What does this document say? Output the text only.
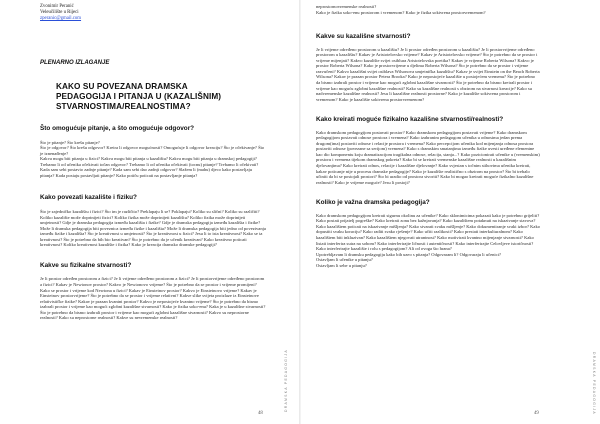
Zvonimir Peranić

Veleučilište u Rijeci

zperanic@gmail.com

PLENARNO IZLAGANJE
KAKO SU POVEZANA DRAMSKA
PEDAGOGIJA I PITANJA U (KAZALIŠNIM)
STVARNOSTIMA/REALNOSTIMA?
Što omogućuje pitanje, a što omogućuje odgovor?

Što je pitanje? Što krešu pitanje?

Što je odgovor? Što krešu odgovor? Kreira li odgovor mogućnosti? Omogućuje li odgovor kreaciju? Što je očekivanje? Što je iznenađenje?

Kakva mogu biti pitanja u fizici? Kakva mogu biti pitanja u kazalištu? Kakva mogu biti pitanja u dramskoj pedagogiji? Trebamo li od učenika očekivati točan odgovor? Trebamo li od učenika očekivati (tocnu) pitanje? Trebamo li očekivati?

Kada sam sebi postavio zadnje pitanje? Kada sam sebi dao zadnji odgovor? Slažem li (mahu) djeco kako postavljaju pitanja? Kada postaju postavljati pitanje? Kako potiču poticati na postavljanje pitanja?

Kako povezati kazalište i fiziku?

Što je zajedničko kazalištu i fizici? Što im je različito? Preklapaju li se? Poklapaju? Koliko su slični? Koliko su različiti?

Koliko kazalište može doprinijeti fizici? Koliko fizika može doprinijeti kazalištu? Koliko fizika može doprinijeti umjetnosti? Gdje je dramska pedagogija između kazališta i fizike? Gdje je dramska pedagogija između kazališta i fizike? Može li dramska pedagogija biti poveznica između fizike i kazališta? Može li dramska pedagogija biti jedno od povezivanja između fizike i kazališta? Što je kreativnost u umjetnosti? Što je kreativnost u fizici? Jesu li to ista kreativnost? Kako se ta kreativnost? Što je potrebno da bih bio kreativan? Što je potrebno da je učenik kreativan? Kako kreativno poticati kreativnost? Koliko kreativnost kazalište i fizika? Kako je kreacija dramsko dramske pedagogiji?

Kakve su fizikalne stvarnosti?

Je li prostor određen prostorom a fizici? Je li vrijeme određeno prostorom a fizici? Je li prostorvrijeme određeno prostorom a fizici? Kakav je Newtonov prostor? Kakvo je Newtonovo vrijeme? Što je potrebno da se prostor i vrijeme promijeni? Kako se prostor i vrijeme kod Newtona u fizici? Kakav je Einsteinov prostor? Kakvo je Einsteinovo vrijeme? Kakav je Einsteinov prostorvrijeme? Što je potrebno da se prostor i vrijeme relativni? Kakve slike svijeta proizlaze iz Einsteinove relativističke fizike? Kakav je prazan kvantni prostor? Kakvo je nepostojeće kvantno vrijeme? Što je potrebno da bismo izabrali prostor i vrijeme kao mogući zglobni kazališne stvarnosti? Kako je fizika soko-enu? Kaka je u kazališne stvarnosti?

Što je potrebno da bismo izabrali prostor i vrijeme kao mogući zglobni kazališne stvarnosti? Kakvo su neprostorne realnosti? Kako su neprostorne realnosti? Kakve su nevremenske realnosti?

48
DRAMSKA PEDAGOGIJA

neprostornovremenske realnosti?

Kako je fizika soko-enu prostorom i vremenom? Kako je fizika sokivrena prostorvremenom?

Kakve su kazališne stvarnosti?

Je li vrijeme određeno prostorom u kazalištu? Je li prostor određen prostorom u kazalištu? Je li prostorvrijeme određeno prostorom u kazalištu? Kakav je Aristotelovsko vrijeme? Kakav je Aristotelovsko vrijeme? Što je potrebno da se prostor i vrijeme mijenjati? Kakvo kazalište svijet osiblura Aristotelovska poetika? Kakav je vrijeme Roberta Wilsona? Kakvo je prostor Roberta Wilsona? Kako je prostorvrijeme u djelima Roberta Wilsona? Što je potrebno da se prostor i vrijeme razvučeni? Kakvo kazališni svijet osiblava Wilsonova umjetnička kazalištu? Kakav je svijet Einstein on the Beach Roberta Wilsona? Kakav je prazan prostor Petera Brooka? Kako je nepostojeće kazalište u postojećem vremenu? Što je potrebno da bismo izabrali prostor i vrijeme kao mogući zglobni kazališne stvarnosti? Što je potrebno da bismo kreirali prostor i vrijeme kao moguću zglobni kazališne realnosti? Kako su kazališne realnosti s obzirom na stvarnost kreacije? Kako su nadvremenske kazališne realnosti? Jesu li kazališne realnosti prostorne? Kako je kazalište sokivrena prostorom i vremenom? Kako je kazalište sokivrena prostorvremenom?

Kako kreirati moguće fizikalno kazališne stvarnosti/realnosti?

Kako dramskom pedagogijom postavati prostor? Kako dramskom pedagogijom postavati vrijeme? Kako dramskom pedagogijom postavati odnose prostora i vremena? Kako izabranim pedagogom učenika u odnosima jedan prema drugom(ima) postaviti odnose i relacije prostora i vremena? Kako percepcijom učenika kod mijenjanja odnosa prostora postaviti odnose (povezane sa serijom) vremena? Kako s dramskim smatanjima između fizike uvesti uređene elementne kao dio komponentu koju dramatizacijom tragikalna odnose, relacija, stanja...? Kako pozicionirati učenike u (vremenskim) prostoru i vremena tijekom dramskog pokreta? Kako bi se kreirati vremenske kazališne realnosti u kazališnim djelovanjima? Kako kreirati odnos, relacije i kazališne djelovanje? Kako svjestan s točnim stihovima učenika kreirati, kakav poticanje nije u procesu dramske pedagogije? Kako je kazalište realistično s obzirom na prostor? Što bi trebalo učiniti da bi se postojali prostori? Što bi uradio od prostora stvoriti? Kako bi mogao kreirati moguće fizikalno kazališne realnosti? Kako je vrijeme moguće? Jesu li postoji?

Koliko je važna dramska pedagogija?

Kako dramskom pedagogijom kreirati sigurnu okolinu za učenike? Kako sklonimicima pokazati kako je potrebno grijeliti? Kako postati prijatelj pogreške? Kako kreirati zonu bez kažnjavanja? Kako kazalištem potaknuti na iskazivanje stavova? Kako kazalištem poticati na iskazivanje mišljenja? Kako stvarati svaku mišljenje? Kako dokumentiranje svaki izbor? Kako dopustiti svaku koraciju? Kako raditi svako rješenje? Kako učiti razlikosti? Kako prestati interkulturalnom? Kako kazalištem biti inkluzivan? Kako kazalištem njegovati utrantnost? Kako motivirati kvantno mijenjanje stvarnosti? Kako listati interferira sutra na sobom? Kako interferirajte ličnosti i autentičnosti? Kako interferirajte Celovljeve istoričnosti? Kako interferirajte kazalište i rolu s pedagogijom? Ali od ovoga što hrana?

Upotrebljavam li dramsku pedagogiju kako bih uzeo s pitanja? Odgovaram li? Odgovaraju li učenici?

Ostavljam li učenike u pitanju?

Ostavljam li sebe u pitanju?

49	DRAMSKA PEDAGOGIJA
